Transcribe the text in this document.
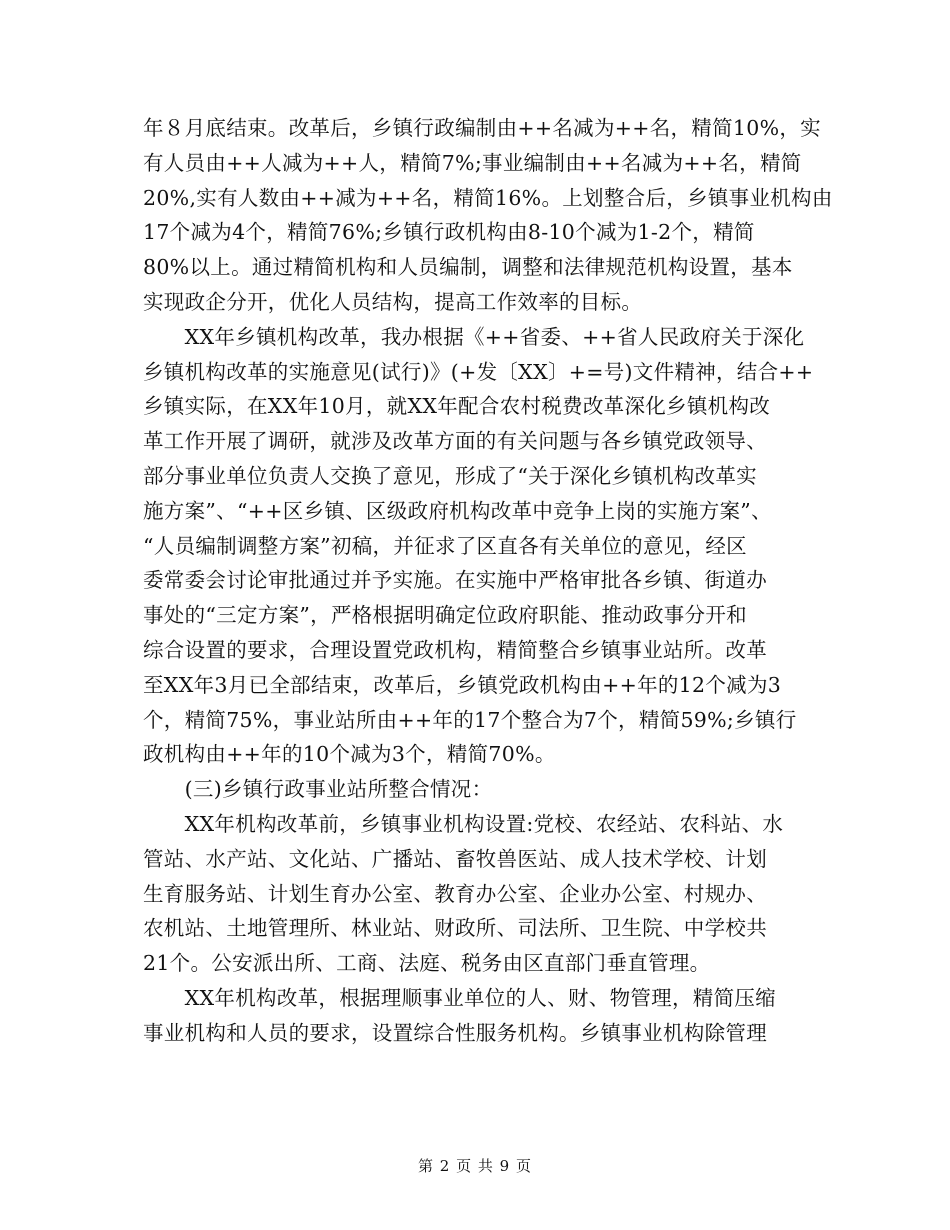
年８月底结束。改革后，乡镇行政编制由++名减为++名，精简10%，实
有人员由++人减为++人，精简7%;事业编制由++名减为++名，精简
20%,实有人数由++减为++名，精简16%。上划整合后，乡镇事业机构由
17个减为4个，精简76%;乡镇行政机构由8-10个减为1-2个，精简
80%以上。通过精简机构和人员编制，调整和法律规范机构设置，基本
实现政企分开，优化人员结构，提高工作效率的目标。
　　XX年乡镇机构改革，我办根据《++省委、++省人民政府关于深化
乡镇机构改革的实施意见(试行)》(+发〔XX〕+=号)文件精神，结合++
乡镇实际，在XX年10月，就XX年配合农村税费改革深化乡镇机构改
革工作开展了调研，就涉及改革方面的有关问题与各乡镇党政领导、
部分事业单位负责人交换了意见，形成了“关于深化乡镇机构改革实
施方案”、“++区乡镇、区级政府机构改革中竞争上岗的实施方案”、
“人员编制调整方案”初稿，并征求了区直各有关单位的意见，经区
委常委会讨论审批通过并予实施。在实施中严格审批各乡镇、街道办
事处的“三定方案”，严格根据明确定位政府职能、推动政事分开和
综合设置的要求，合理设置党政机构，精简整合乡镇事业站所。改革
至XX年3月已全部结束，改革后，乡镇党政机构由++年的12个减为3
个，精简75%，事业站所由++年的17个整合为7个，精简59%;乡镇行
政机构由++年的10个减为3个，精简70%。
　　(三)乡镇行政事业站所整合情况：
　　XX年机构改革前，乡镇事业机构设置:党校、农经站、农科站、水
管站、水产站、文化站、广播站、畜牧兽医站、成人技术学校、计划
生育服务站、计划生育办公室、教育办公室、企业办公室、村规办、
农机站、土地管理所、林业站、财政所、司法所、卫生院、中学校共
21个。公安派出所、工商、法庭、税务由区直部门垂直管理。
　　XX年机构改革，根据理顺事业单位的人、财、物管理，精简压缩
事业机构和人员的要求，设置综合性服务机构。乡镇事业机构除管理
第 2 页 共 9 页
